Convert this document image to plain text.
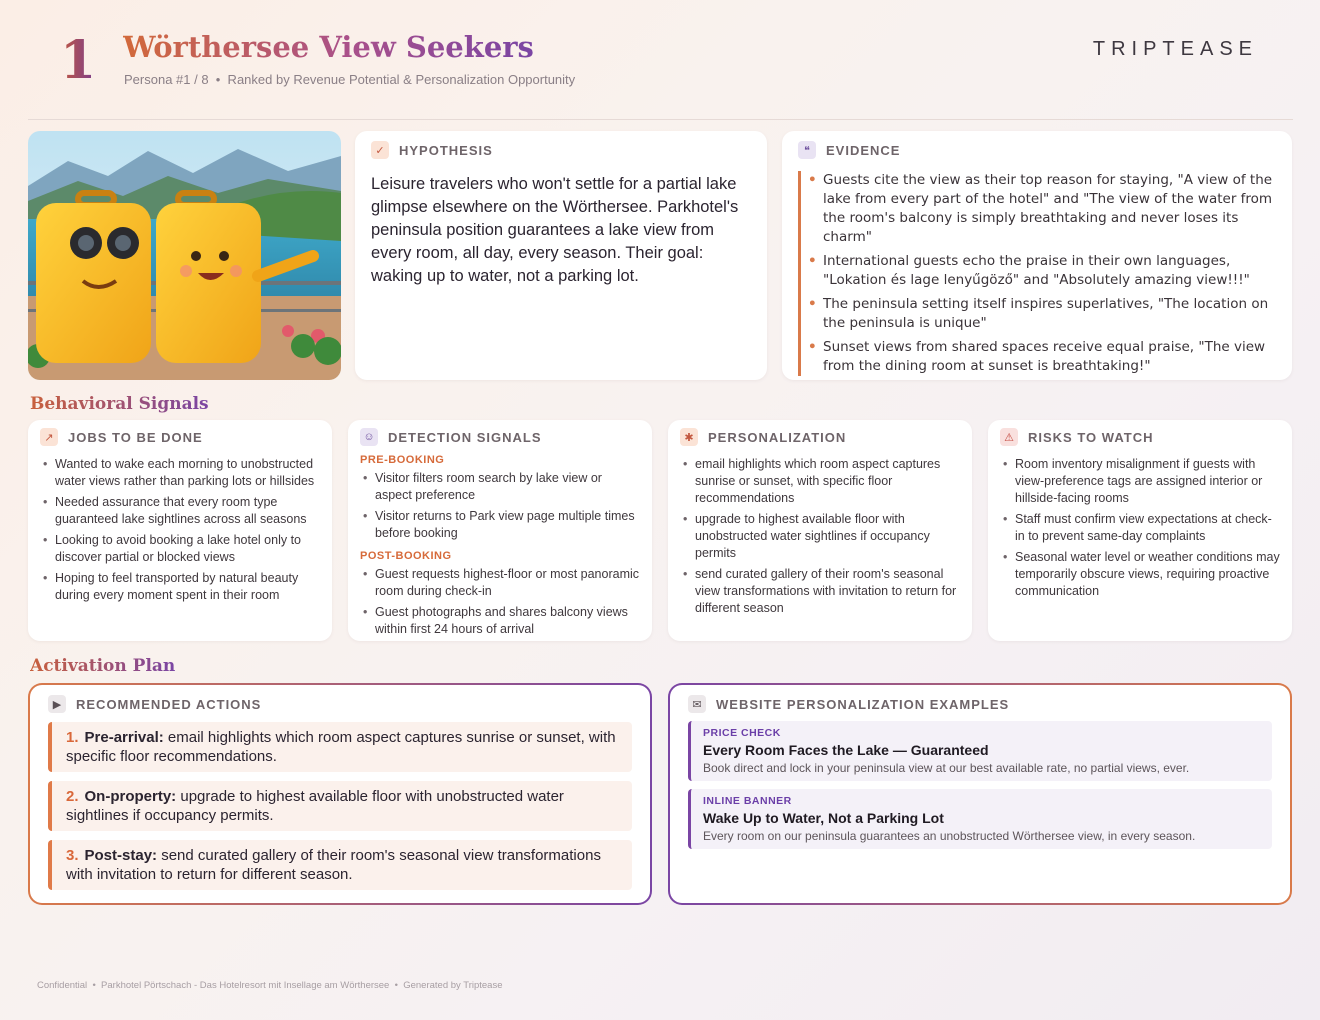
1 Wörthersee View Seekers
Persona #1 / 8  •  Ranked by Revenue Potential & Personalization Opportunity
TRIPTEASE
✓	HYPOTHESIS

Leisure travelers who won't settle for a partial lake glimpse elsewhere on the Wörthersee. Parkhotel's peninsula position guarantees a lake view from every room, all day, every season. Their goal: waking up to water, not a parking lot.

❝	EVIDENCE
• Guests cite the view as their top reason for staying, "A view of the lake from every part of the hotel" and "The view of the water from the room's balcony is simply breathtaking and never loses its charm"
• International guests echo the praise in their own languages, "Lokation és lage lenyűgöző" and "Absolutely amazing view!!!"
• The peninsula setting itself inspires superlatives, "The location on the peninsula is unique"
• Sunset views from shared spaces receive equal praise, "The view from the dining room at sunset is breathtaking!"
Behavioral Signals
↗	JOBS TO BE DONE
• Wanted to wake each morning to unobstructed water views rather than parking lots or hillsides
• Needed assurance that every room type guaranteed lake sightlines across all seasons
• Looking to avoid booking a lake hotel only to discover partial or blocked views
• Hoping to feel transported by natural beauty during every moment spent in their room
☺ DETECTION SIGNALS
PRE-BOOKING
• Visitor filters room search by lake view or aspect preference
• Visitor returns to Park view page multiple times before booking
POST-BOOKING
• Guest requests highest-floor or most panoramic room during check-in
• Guest photographs and shares balcony views within first 24 hours of arrival
✱	PERSONALIZATION
• email highlights which room aspect captures sunrise or sunset, with specific floor recommendations
• upgrade to highest available floor with unobstructed water sightlines if occupancy permits
• send curated gallery of their room's seasonal view transformations with invitation to return for different season
⚠	RISKS TO WATCH
• Room inventory misalignment if guests with view-preference tags are assigned interior or hillside-facing rooms
• Staff must confirm view expectations at check-in to prevent same-day complaints
• Seasonal water level or weather conditions may temporarily obscure views, requiring proactive communication
Activation Plan
▶	RECOMMENDED ACTIONS
1. Pre-arrival: email highlights which room aspect captures sunrise or sunset, with specific floor recommendations.
2. On-property: upgrade to highest available floor with unobstructed water sightlines if occupancy permits.
3. Post-stay: send curated gallery of their room's seasonal view transformations with invitation to return for different season.
✉	WEBSITE PERSONALIZATION EXAMPLES
PRICE CHECK
Every Room Faces the Lake — Guaranteed
Book direct and lock in your peninsula view at our best available rate, no partial views, ever.
INLINE BANNER
Wake Up to Water, Not a Parking Lot
Every room on our peninsula guarantees an unobstructed Wörthersee view, in every season.
Confidential  •  Parkhotel Pörtschach - Das Hotelresort mit Insellage am Wörthersee  •  Generated by Triptease
